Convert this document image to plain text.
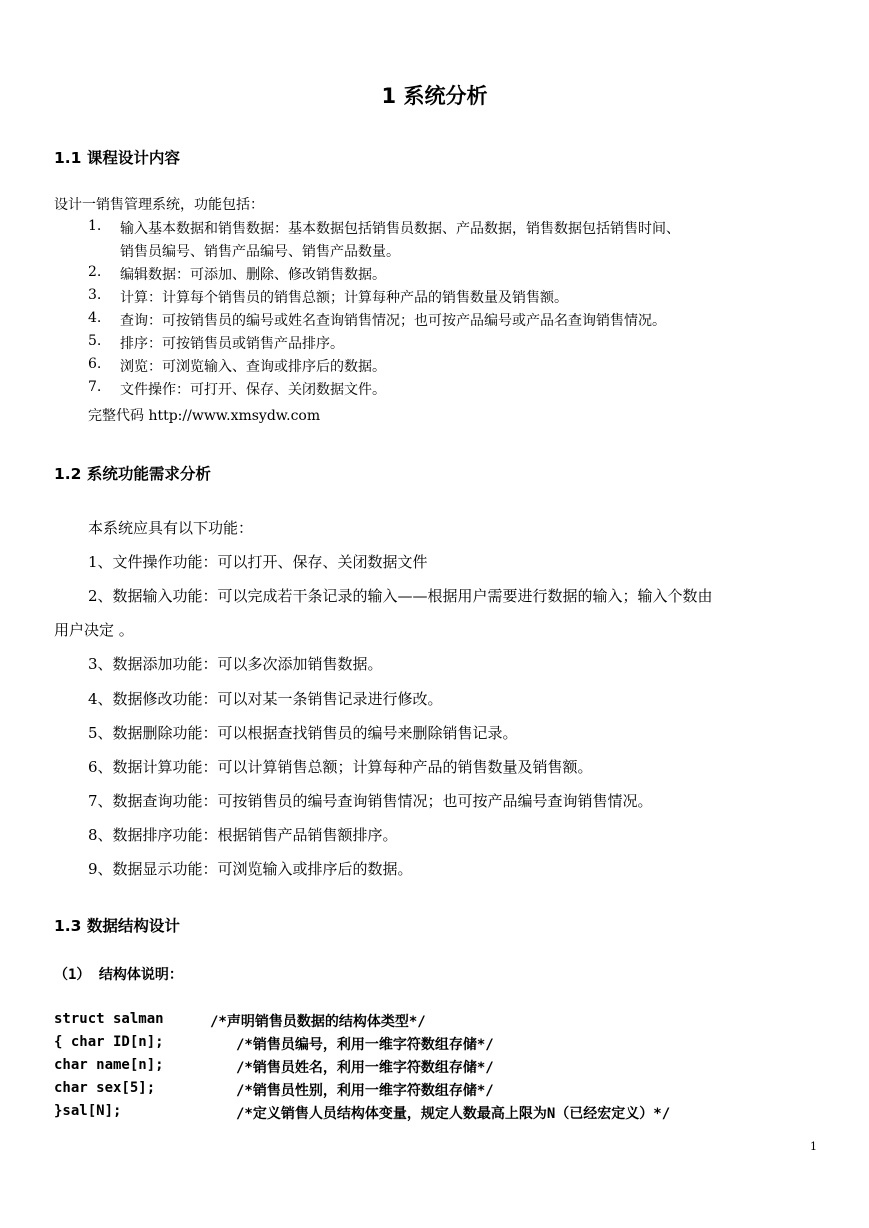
1 系统分析
1.1 课程设计内容
设计一销售管理系统，功能包括：
1. 输入基本数据和销售数据：基本数据包括销售员数据、产品数据，销售数据包括销售时间、
销售员编号、销售产品编号、销售产品数量。
2. 编辑数据：可添加、删除、修改销售数据。
3. 计算：计算每个销售员的销售总额；计算每种产品的销售数量及销售额。
4. 查询：可按销售员的编号或姓名查询销售情况；也可按产品编号或产品名查询销售情况。
5. 排序：可按销售员或销售产品排序。
6. 浏览：可浏览输入、查询或排序后的数据。
7. 文件操作：可打开、保存、关闭数据文件。
完整代码 http://www.xmsydw.com
1.2 系统功能需求分析
本系统应具有以下功能：
1、文件操作功能：可以打开、保存、关闭数据文件
2、数据输入功能：可以完成若干条记录的输入——根据用户需要进行数据的输入；输入个数由
用户决定 。
3、数据添加功能：可以多次添加销售数据。
4、数据修改功能：可以对某一条销售记录进行修改。
5、数据删除功能：可以根据查找销售员的编号来删除销售记录。
6、数据计算功能：可以计算销售总额；计算每种产品的销售数量及销售额。
7、数据查询功能：可按销售员的编号查询销售情况；也可按产品编号查询销售情况。
8、数据排序功能：根据销售产品销售额排序。
9、数据显示功能：可浏览输入或排序后的数据。
1.3 数据结构设计
（1） 结构体说明：
struct salman	/*声明销售员数据的结构体类型*/
{ char ID[n];	/*销售员编号，利用一维字符数组存储*/
char name[n];	/*销售员姓名，利用一维字符数组存储*/
char sex[5];	/*销售员性别，利用一维字符数组存储*/
}sal[N];	/*定义销售人员结构体变量，规定人数最高上限为N（已经宏定义）*/
1
